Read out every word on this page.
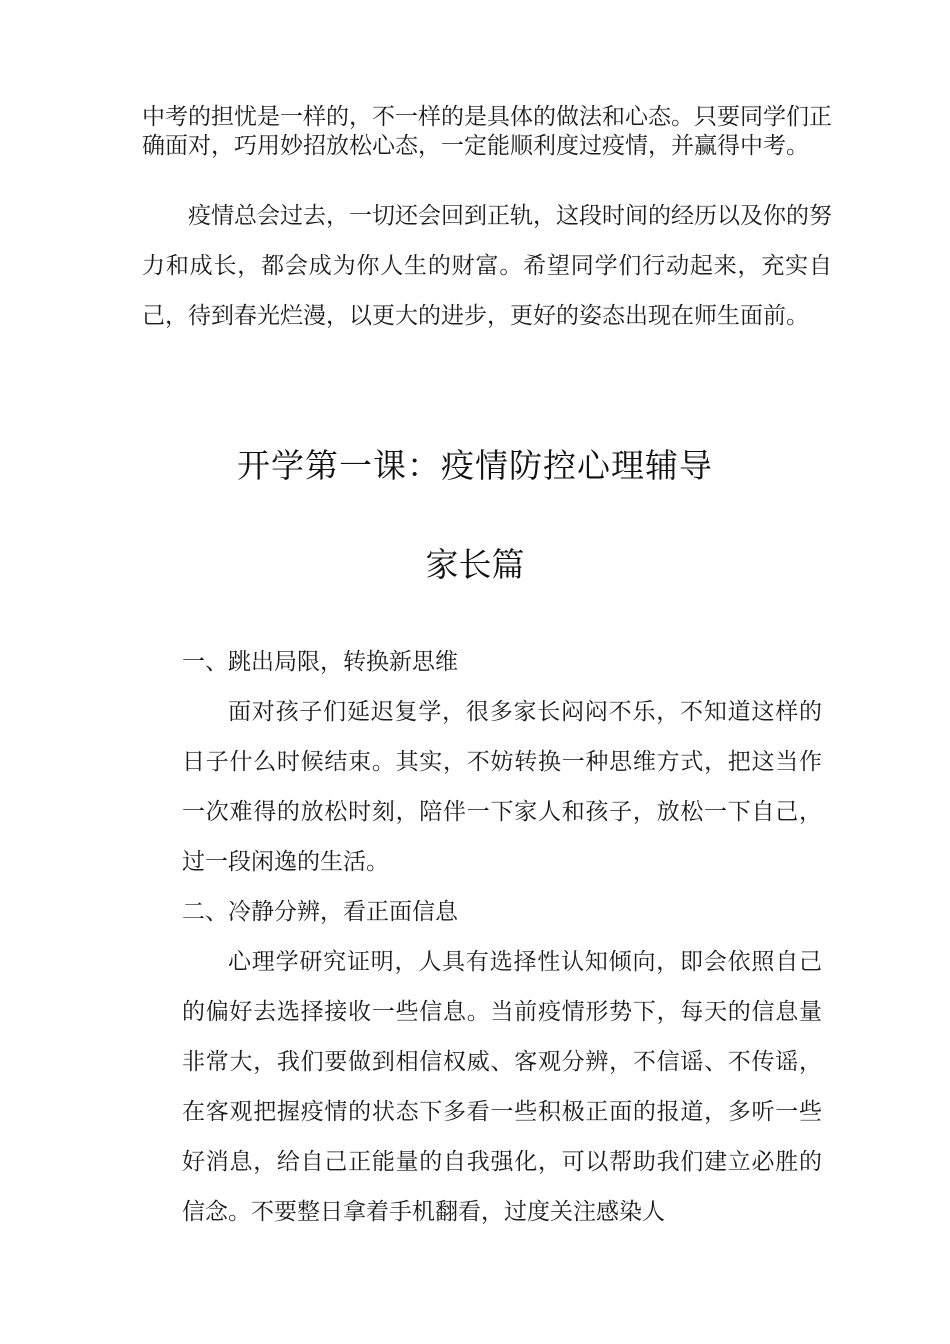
中考的担忧是一样的，不一样的是具体的做法和心态。只要同学们正确面对，巧用妙招放松心态，一定能顺利度过疫情，并赢得中考。
疫情总会过去，一切还会回到正轨，这段时间的经历以及你的努力和成长，都会成为你人生的财富。希望同学们行动起来，充实自己，待到春光烂漫，以更大的进步，更好的姿态出现在师生面前。
开学第一课：疫情防控心理辅导
家长篇
一、跳出局限，转换新思维
面对孩子们延迟复学，很多家长闷闷不乐，不知道这样的日子什么时候结束。其实，不妨转换一种思维方式，把这当作一次难得的放松时刻，陪伴一下家人和孩子，放松一下自己，过一段闲逸的生活。
二、冷静分辨，看正面信息
心理学研究证明，人具有选择性认知倾向，即会依照自己的偏好去选择接收一些信息。当前疫情形势下，每天的信息量非常大，我们要做到相信权威、客观分辨，不信谣、不传谣，在客观把握疫情的状态下多看一些积极正面的报道，多听一些好消息，给自己正能量的自我强化，可以帮助我们建立必胜的信念。不要整日拿着手机翻看，过度关注感染人
